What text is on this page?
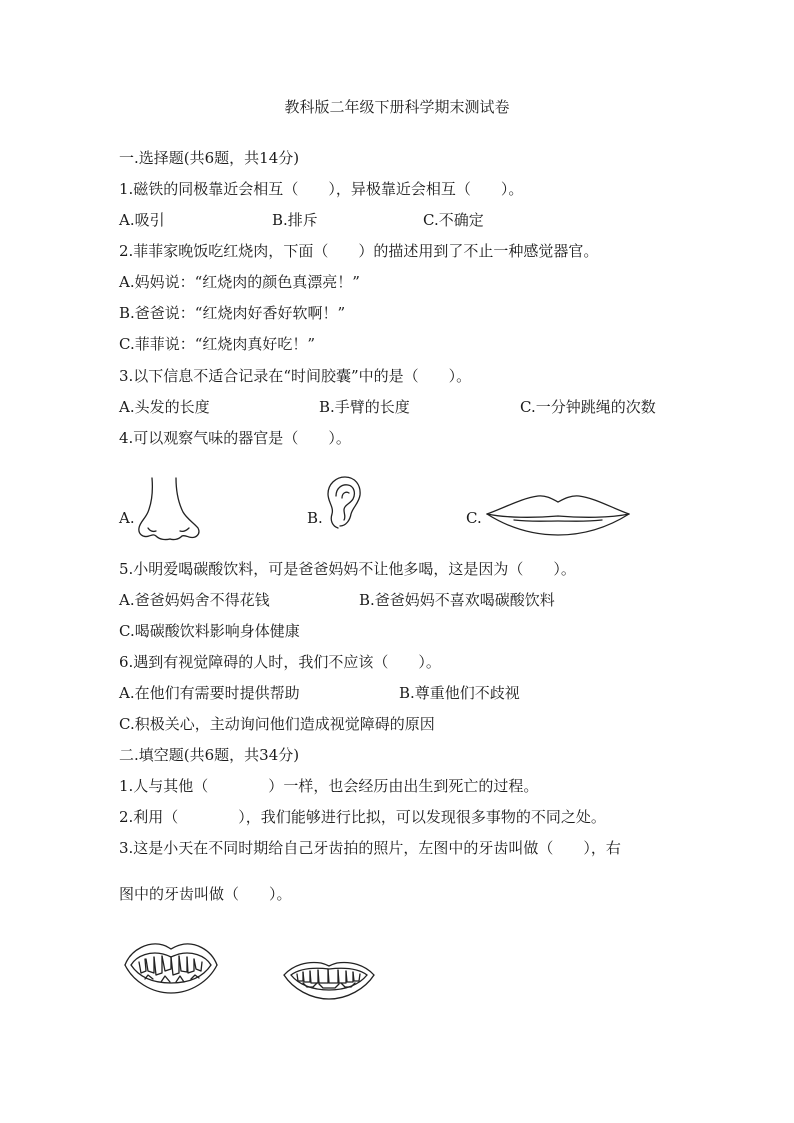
教科版二年级下册科学期末测试卷
一.选择题(共6题，共14分)
1.磁铁的同极靠近会相互（　　），异极靠近会相互（　　）。
A.吸引	B.排斥	C.不确定
2.菲菲家晚饭吃红烧肉，下面（　　）的描述用到了不止一种感觉器官。
A.妈妈说：“红烧肉的颜色真漂亮！”
B.爸爸说：“红烧肉好香好软啊！”
C.菲菲说：“红烧肉真好吃！”
3.以下信息不适合记录在“时间胶囊”中的是（　　）。
A.头发的长度	B.手臂的长度	C.一分钟跳绳的次数
4.可以观察气味的器官是（　　）。
A.	B.	C.
5.小明爱喝碳酸饮料，可是爸爸妈妈不让他多喝，这是因为（　　）。
A.爸爸妈妈舍不得花钱	B.爸爸妈妈不喜欢喝碳酸饮料
C.喝碳酸饮料影响身体健康
6.遇到有视觉障碍的人时，我们不应该（　　）。
A.在他们有需要时提供帮助	B.尊重他们不歧视
C.积极关心，主动询问他们造成视觉障碍的原因
二.填空题(共6题，共34分)
1.人与其他（　　　　）一样，也会经历由出生到死亡的过程。
2.利用（　　　　），我们能够进行比拟，可以发现很多事物的不同之处。
3.这是小天在不同时期给自己牙齿拍的照片，左图中的牙齿叫做（　　），右
图中的牙齿叫做（　　）。
